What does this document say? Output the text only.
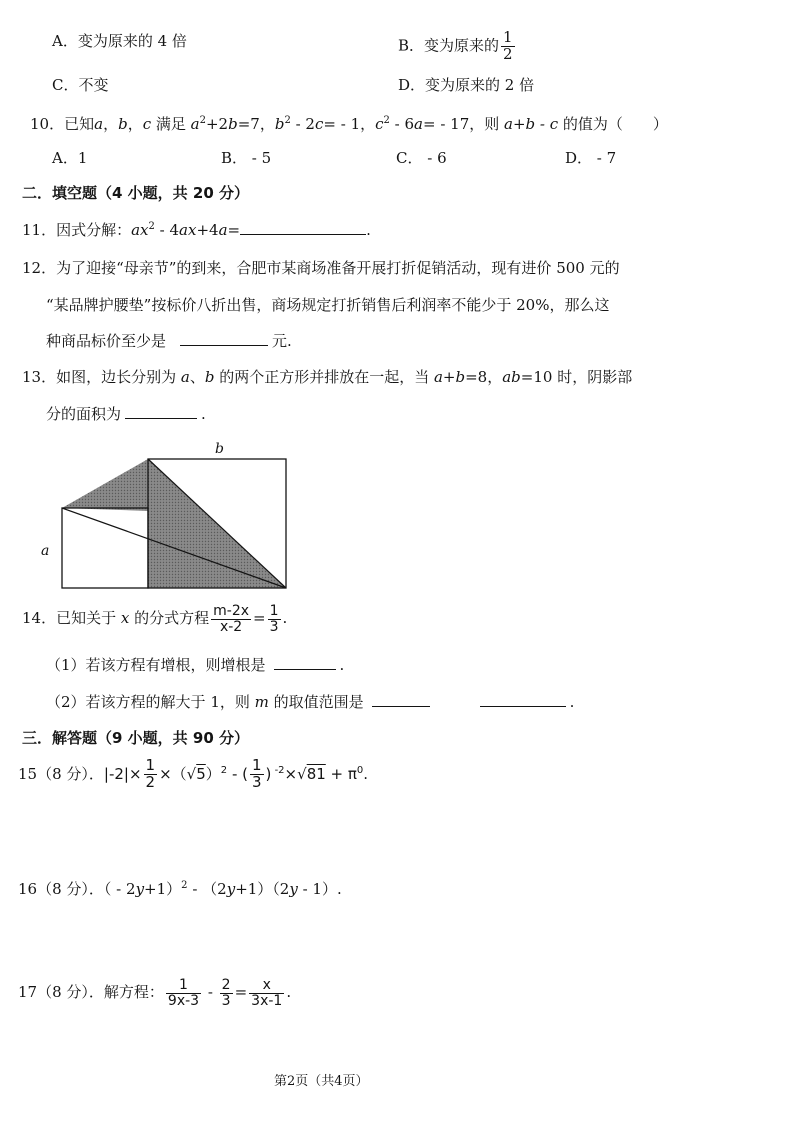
A．变为原来的 4 倍	B．变为原来的 $\frac{1}{2}$
C．不变	D．变为原来的 2 倍
10．已知a，b，c 满足 $a^2+2b=7$，$b^2 - 2c= - 1$，$c^2 - 6a= - 17$，则 a+b - c 的值为（　　）
A．1	B． - 5	C． - 6	D． - 7
二．填空题（4 小题，共 20 分）
11．因式分解：$ax^2 - 4ax+4a=$	.
12．为了迎接“母亲节”的到来，合肥市某商场准备开展打折促销活动，现有进价 500 元的
“某品牌护腰垫”按标价八折出售，商场规定打折销售后利润率不能少于 20%，那么这
种商品标价至少是	元.
13．如图，边长分别为 a、b 的两个正方形并排放在一起，当 a+b=8，ab=10 时，阴影部
分的面积为	.
b
a
14．已知关于 x 的分式方程 $\frac{m-2x}{x-2} = \frac{1}{3}$ .
（1）若该方程有增根，则增根是	.
（2）若该方程的解大于 1，则 m 的取值范围是	.
三．解答题（9 小题，共 90 分）
15（8 分）．$|-2|\times \frac{1}{2} \times(√5)^2$ - ( $\frac{1}{3}$ ) $^{-2}\times√81 + \pi^0$.
16（8 分）．（ - 2y+1）$^2$ - （2y+1）（2y - 1）.
17（8 分）．解方程： $\frac{1}{9x-3} - \frac{2}{3} = \frac{x}{3x-1}$ .
第2页（共4页）
